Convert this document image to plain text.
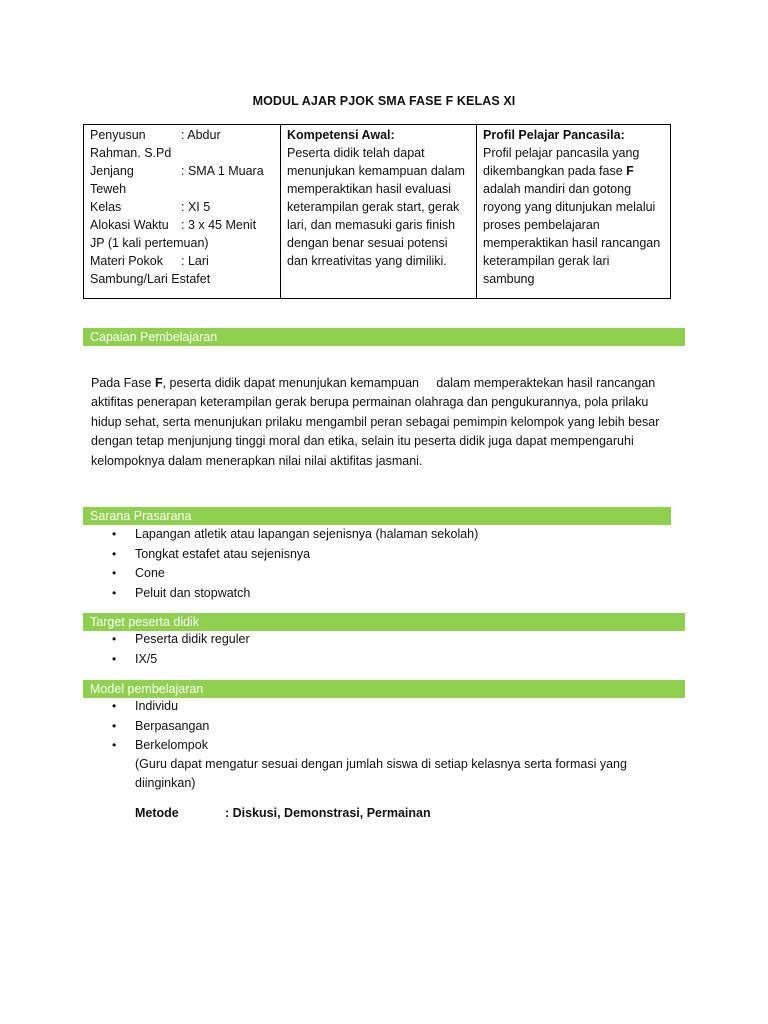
MODUL AJAR PJOK SMA FASE F KELAS XI
Penyusun	: Abdur
Rahman. S.Pd
Jenjang	: SMA 1 Muara
Teweh
Kelas	: XI 5
Alokasi Waktu : 3 x 45 Menit
JP (1 kali pertemuan)
Materi Pokok	: Lari
Sambung/Lari Estafet

Kompetensi Awal:
Peserta didik telah dapat
menunjukan kemampuan dalam
memperaktikan hasil evaluasi
keterampilan gerak start, gerak
lari, dan memasuki garis finish
dengan benar sesuai potensi
dan krreativitas yang dimiliki.

Profil Pelajar Pancasila:
Profil pelajar pancasila yang
dikembangkan pada fase F
adalah mandiri dan gotong
royong yang ditunjukan melalui
proses pembelajaran
memperaktikan hasil rancangan
keterampilan gerak lari
sambung
Capaian Pembelajaran
Pada Fase F, peserta didik dapat menunjukan kemampuan     dalam memperaktekan hasil rancangan
aktifitas penerapan keterampilan gerak berupa permainan olahraga dan pengukurannya, pola prilaku
hidup sehat, serta menunjukan prilaku mengambil peran sebagai pemimpin kelompok yang lebih besar
dengan tetap menjunjung tinggi moral dan etika, selain itu peserta didik juga dapat mempengaruhi
kelompoknya dalam menerapkan nilai nilai aktifitas jasmani.
Sarana Prasarana
• Lapangan atletik atau lapangan sejenisnya (halaman sekolah)
• Tongkat estafet atau sejenisnya
• Cone
• Peluit dan stopwatch
Target peserta didik
• Peserta didik reguler
• IX/5
Model pembelajaran
• Individu
• Berpasangan
• Berkelompok
(Guru dapat mengatur sesuai dengan jumlah siswa di setiap kelasnya serta formasi yang
diinginkan)
Metode	: Diskusi, Demonstrasi, Permainan
